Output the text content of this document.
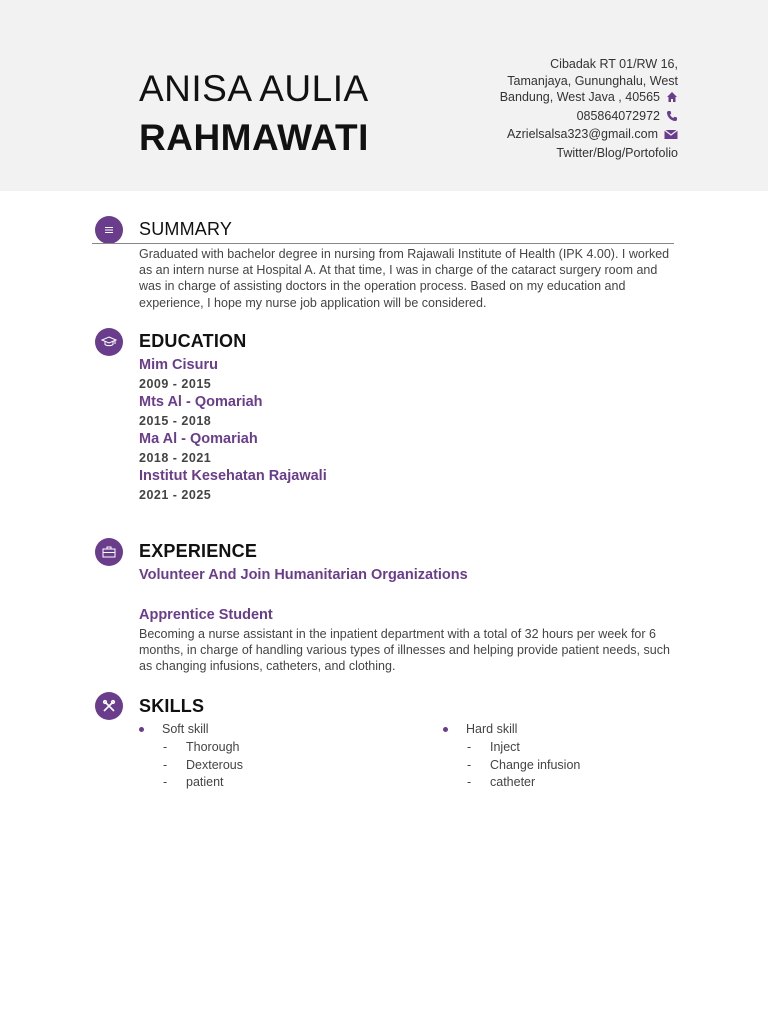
ANISA AULIA
RAHMAWATI
Cibadak RT 01/RW 16,
Tamanjaya, Gununghalu, West
Bandung, West Java , 40565
085864072972
Azrielsalsa323@gmail.com
Twitter/Blog/Portofolio
SUMMARY
Graduated with bachelor degree in nursing from Rajawali Institute of Health (IPK 4.00). I worked as an intern nurse at Hospital A. At that time, I was in charge of the cataract surgery room and was in charge of assisting doctors in the operation process. Based on my education and experience, I hope my nurse job application will be considered.
EDUCATION
Mim Cisuru
2009 - 2015
Mts Al - Qomariah
2015 - 2018
Ma Al - Qomariah
2018 - 2021
Institut Kesehatan Rajawali
2021 - 2025
EXPERIENCE
Volunteer And Join Humanitarian Organizations
Apprentice Student
Becoming a nurse assistant in the inpatient department with a total of 32 hours per week for 6 months, in charge of handling various types of illnesses and helping provide patient needs, such as changing infusions, catheters, and clothing.
SKILLS
Soft skill
-	Thorough
-	Dexterous
-	patient
Hard skill
-	Inject
-	Change infusion
-	catheter
